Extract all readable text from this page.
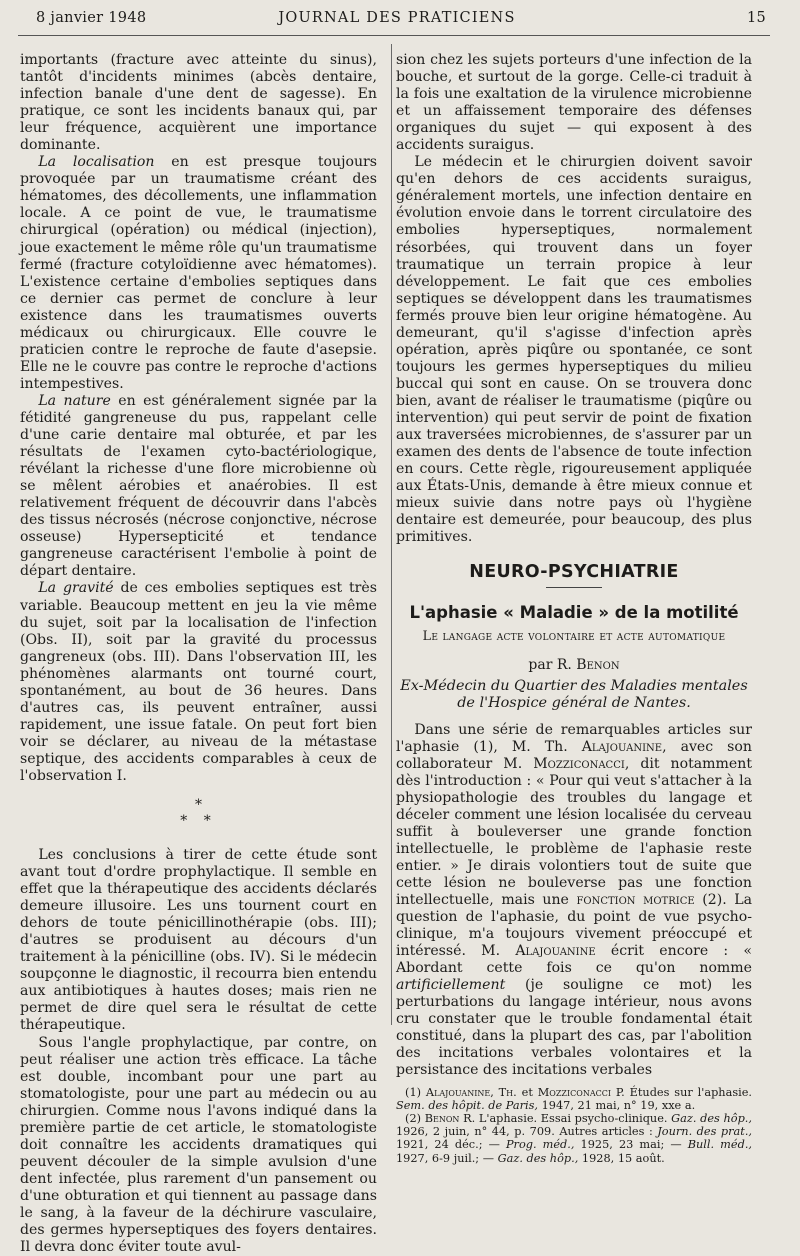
8 janvier 1948	JOURNAL DES PRATICIENS	15

importants (fracture avec atteinte du sinus), tantôt d'incidents minimes (abcès dentaire, infection banale d'une dent de sagesse). En pratique, ce sont les incidents banaux qui, par leur fréquence, acquièrent une importance dominante.

La localisation en est presque toujours provoquée par un traumatisme créant des hématomes, des décollements, une inflammation locale. A ce point de vue, le traumatisme chirurgical (opération) ou médical (injection), joue exactement le même rôle qu'un traumatisme fermé (fracture cotyloïdienne avec hématomes). L'existence certaine d'embolies septiques dans ce dernier cas permet de conclure à leur existence dans les traumatismes ouverts médicaux ou chirurgicaux. Elle couvre le praticien contre le reproche de faute d'asepsie. Elle ne le couvre pas contre le reproche d'actions intempestives.

La nature en est généralement signée par la fétidité gangreneuse du pus, rappelant celle d'une carie dentaire mal obturée, et par les résultats de l'examen cyto-bactériologique, révélant la richesse d'une flore microbienne où se mêlent aérobies et anaérobies. Il est relativement fréquent de découvrir dans l'abcès des tissus nécrosés (nécrose conjonctive, nécrose osseuse) Hypersepticité et tendance gangreneuse caractérisent l'embolie à point de départ dentaire.

La gravité de ces embolies septiques est très variable. Beaucoup mettent en jeu la vie même du sujet, soit par la localisation de l'infection (Obs. II), soit par la gravité du processus gangreneux (obs. III). Dans l'observation III, les phénomènes alarmants ont tourné court, spontanément, au bout de 36 heures. Dans d'autres cas, ils peuvent entraîner, aussi rapidement, une issue fatale. On peut fort bien voir se déclarer, au niveau de la métastase septique, des accidents comparables à ceux de l'observation I.

*
* *

Les conclusions à tirer de cette étude sont avant tout d'ordre prophylactique. Il semble en effet que la thérapeutique des accidents déclarés demeure illusoire. Les uns tournent court en dehors de toute pénicillinothérapie (obs. III); d'autres se produisent au décours d'un traitement à la pénicilline (obs. IV). Si le médecin soupçonne le diagnostic, il recourra bien entendu aux antibiotiques à hautes doses; mais rien ne permet de dire quel sera le résultat de cette thérapeutique.

Sous l'angle prophylactique, par contre, on peut réaliser une action très efficace. La tâche est double, incombant pour une part au stomatologiste, pour une part au médecin ou au chirurgien. Comme nous l'avons indiqué dans la première partie de cet article, le stomatologiste doit connaître les accidents dramatiques qui peuvent découler de la simple avulsion d'une dent infectée, plus rarement d'un pansement ou d'une obturation et qui tiennent au passage dans le sang, à la faveur de la déchirure vasculaire, des germes hyperseptiques des foyers dentaires. Il devra donc éviter toute avul-

sion chez les sujets porteurs d'une infection de la bouche, et surtout de la gorge. Celle-ci traduit à la fois une exaltation de la virulence microbienne et un affaissement temporaire des défenses organiques du sujet — qui exposent à des accidents suraigus.

Le médecin et le chirurgien doivent savoir qu'en dehors de ces accidents suraigus, généralement mortels, une infection dentaire en évolution envoie dans le torrent circulatoire des embolies hyperseptiques, normalement résorbées, qui trouvent dans un foyer traumatique un terrain propice à leur développement. Le fait que ces embolies septiques se développent dans les traumatismes fermés prouve bien leur origine hématogène. Au demeurant, qu'il s'agisse d'infection après opération, après piqûre ou spontanée, ce sont toujours les germes hyperseptiques du milieu buccal qui sont en cause. On se trouvera donc bien, avant de réaliser le traumatisme (piqûre ou intervention) qui peut servir de point de fixation aux traversées microbiennes, de s'assurer par un examen des dents de l'absence de toute infection en cours. Cette règle, rigoureusement appliquée aux États-Unis, demande à être mieux connue et mieux suivie dans notre pays où l'hygiène dentaire est demeurée, pour beaucoup, des plus primitives.

NEURO-PSYCHIATRIE
L'aphasie « Maladie » de la motilité
Le langage acte volontaire et acte automatique
par R. Benon
Ex-Médecin du Quartier des Maladies mentales
de l'Hospice général de Nantes.

Dans une série de remarquables articles sur l'aphasie (1), M. Th. Alajouanine, avec son collaborateur M. Mozziconacci, dit notamment dès l'introduction : « Pour qui veut s'attacher à la physiopathologie des troubles du langage et déceler comment une lésion localisée du cerveau suffit à bouleverser une grande fonction intellectuelle, le problème de l'aphasie reste entier. » Je dirais volontiers tout de suite que cette lésion ne bouleverse pas une fonction intellectuelle, mais une fonction motrice (2). La question de l'aphasie, du point de vue psycho-clinique, m'a toujours vivement préoccupé et intéressé. M. Alajouanine écrit encore : « Abordant cette fois ce qu'on nomme artificiellement (je souligne ce mot) les perturbations du langage intérieur, nous avons cru constater que le trouble fondamental était constitué, dans la plupart des cas, par l'abolition des incitations verbales volontaires et la persistance des incitations verbales

(1) Alajouanine, Th. et Mozziconacci P. Études sur l'aphasie. Sem. des hôpit. de Paris, 1947, 21 mai, n° 19, xxe a.

(2) Benon R. L'aphasie. Essai psycho-clinique. Gaz. des hôp., 1926, 2 juin, n° 44, p. 709. Autres articles : Journ. des prat., 1921, 24 déc.; — Prog. méd., 1925, 23 mai; — Bull. méd., 1927, 6-9 juil.; — Gaz. des hôp., 1928, 15 août.
